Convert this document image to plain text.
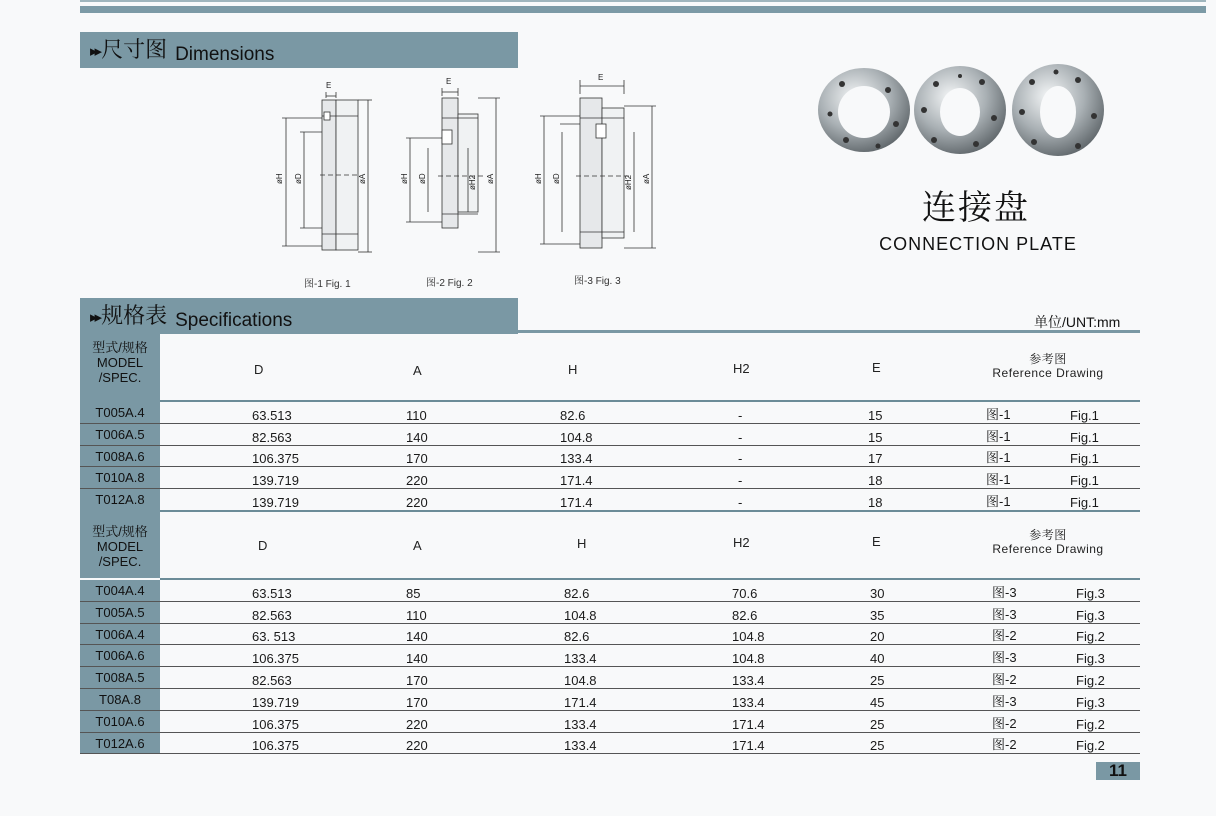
▸▸ 尺寸图 Dimensions
E
øH øD	øA
E
øH øD	øH2 øA
E
øH øD	øH2 øA
图-1 Fig. 1	图-2 Fig. 2	图-3 Fig. 3
连接盘
CONNECTION PLATE
▸▸ 规格表 Specifications	单位/UNT:mm
型式/规格
MODEL
/SPEC.
D	A	H	H2	E
参考图
Reference Drawing
T005A.4	63.513	110	82.6	-	15	图-1	Fig.1
T006A.5	82.563	140	104.8	-	15	图-1	Fig.1
T008A.6	106.375	170	133.4	-	17	图-1	Fig.1
T010A.8	139.719	220	171.4	-	18	图-1	Fig.1
T012A.8	139.719	220	171.4	-	18	图-1	Fig.1
型式/规格
MODEL
/SPEC.
D	A	H	H2	E	参考图
Reference Drawing
T004A.4	63.513	85	82.6	70.6	30	图-3	Fig.3
T005A.5	82.563	110	104.8	82.6	35	图-3	Fig.3
T006A.4	63. 513	140	82.6	104.8	20	图-2	Fig.2
T006A.6	106.375	140	133.4	104.8	40	图-3	Fig.3
T008A.5	82.563	170	104.8	133.4	25	图-2	Fig.2
T08A.8	139.719	170	171.4	133.4	45	图-3	Fig.3
T010A.6	106.375	220	133.4	171.4	25	图-2	Fig.2
T012A.6	106.375	220	133.4	171.4	25	图-2	Fig.2
11
